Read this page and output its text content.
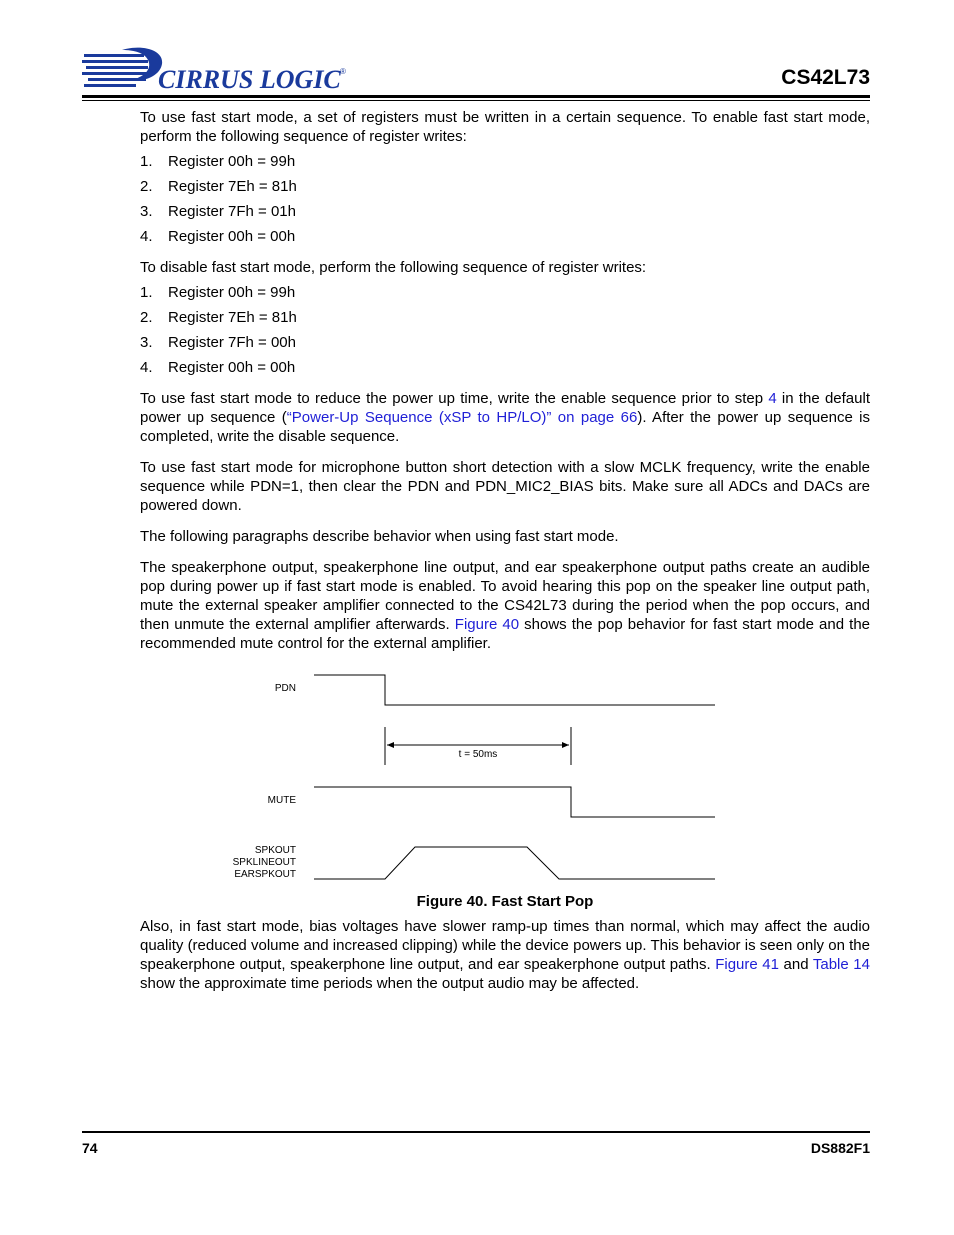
CIRRUS LOGIC ®	CS42L73

To use fast start mode, a set of registers must be written in a certain sequence. To enable fast start mode, perform the following sequence of register writes:

1.	Register 00h = 99h
2.	Register 7Eh = 81h
3.	Register 7Fh = 01h
4.	Register 00h = 00h

To disable fast start mode, perform the following sequence of register writes:

1.	Register 00h = 99h
2.	Register 7Eh = 81h
3.	Register 7Fh = 00h
4.	Register 00h = 00h

To use fast start mode to reduce the power up time, write the enable sequence prior to step 4 in the default power up sequence (“Power-Up Sequence (xSP to HP/LO)” on page 66). After the power up sequence is completed, write the disable sequence.

To use fast start mode for microphone button short detection with a slow MCLK frequency, write the enable sequence while PDN=1, then clear the PDN and PDN_MIC2_BIAS bits. Make sure all ADCs and DACs are powered down.

The following paragraphs describe behavior when using fast start mode.

The speakerphone output, speakerphone line output, and ear speakerphone output paths create an audible pop during power up if fast start mode is enabled. To avoid hearing this pop on the speaker line output path, mute the external speaker amplifier connected to the CS42L73 during the period when the pop occurs, and then unmute the external amplifier afterwards. Figure 40 shows the pop behavior for fast start mode and the recommended mute control for the external amplifier.

PDN
MUTE
SPKOUT
SPKLINEOUT
EARSPKOUT
t = 50ms
Figure 40. Fast Start Pop

Also, in fast start mode, bias voltages have slower ramp-up times than normal, which may affect the audio quality (reduced volume and increased clipping) while the device powers up. This behavior is seen only on the speakerphone output, speakerphone line output, and ear speakerphone output paths. Figure 41 and Table 14 show the approximate time periods when the output audio may be affected.

74	DS882F1
